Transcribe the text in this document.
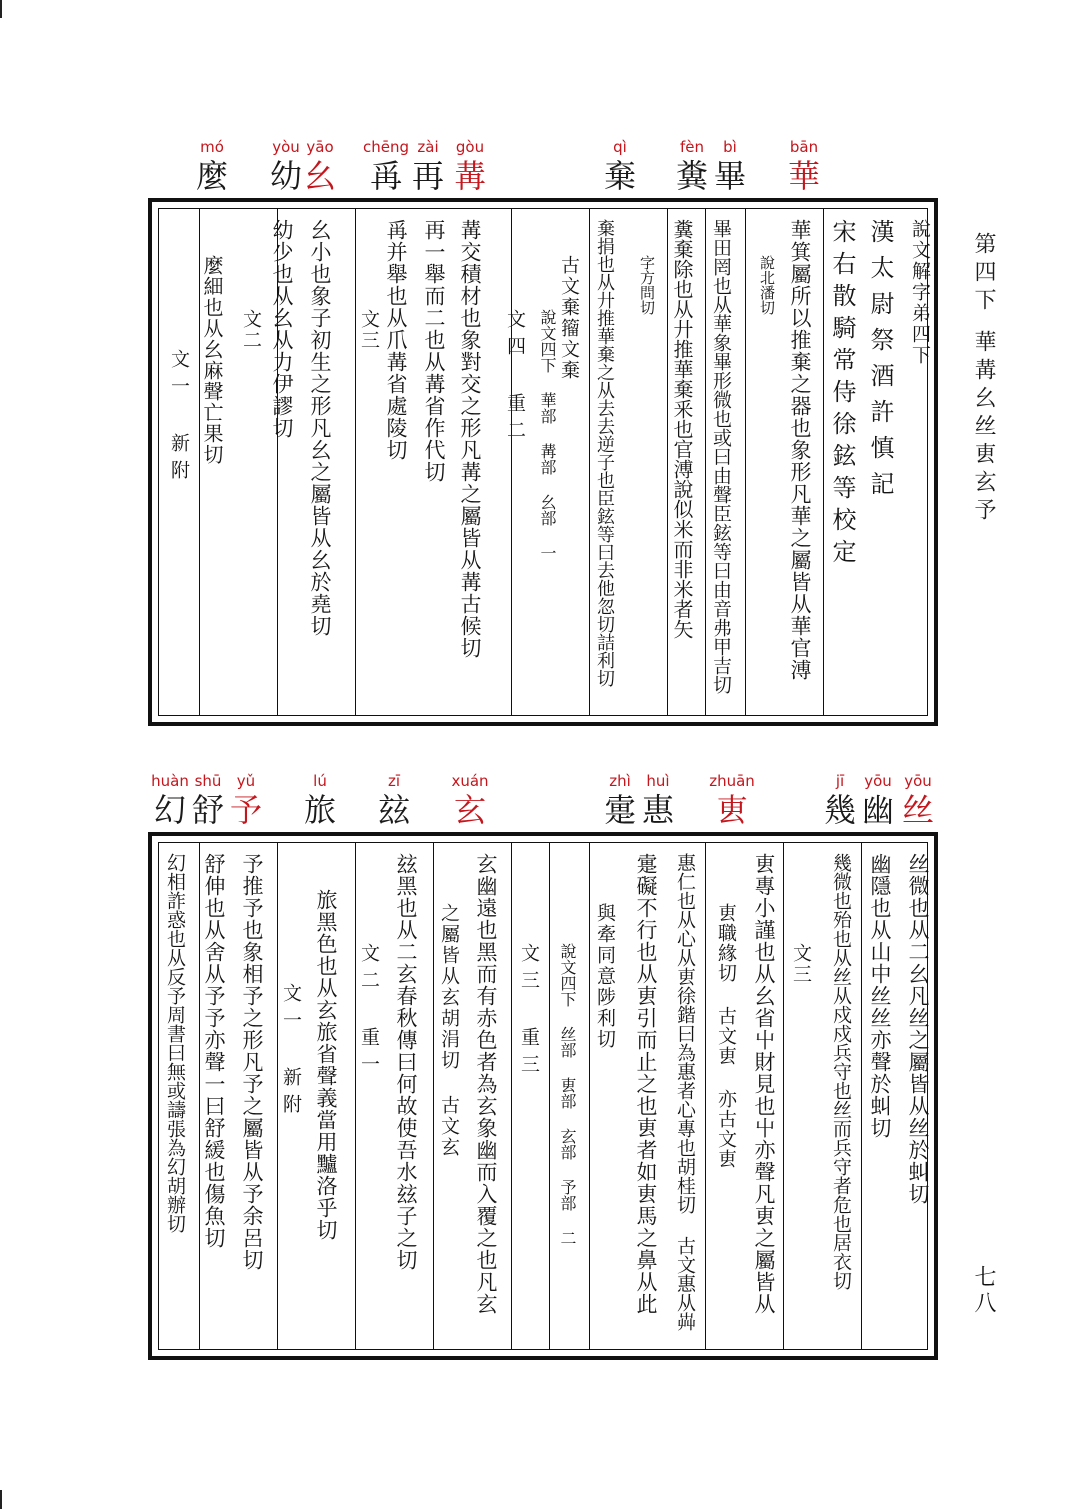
第四下
華冓幺丝叀玄予
七八
bān
華
bì
畢
fèn
糞
qì
棄
gòu
冓
zài
再
chēng
爯
yāo
幺
yòu
幼
mó
麼
說文解字弟四下
漢太尉祭酒許慎記
宋右散騎常侍徐鉉等校定
華箕屬所以推棄之器也象形凡華之屬皆从華官溥
說北潘切
畢田罔也从華象畢形微也或曰由聲臣鉉等曰由音弗甲吉切
糞棄除也从廾推華棄釆也官溥說似米而非米者矢
字方問切
棄捐也从廾推華棄之从去去逆子也臣鉉等曰去他忽切詰利切
古文棄籀文棄
說文四下 華部 冓部 幺部 一
文四 重二
冓交積材也象對交之形凡冓之屬皆从冓古候切
再一舉而二也从冓省作代切
爯并舉也从爪冓省處陵切
文三
幺小也象子初生之形凡幺之屬皆从幺於堯切
幼少也从幺从力伊謬切
文二
麼細也从幺麻聲亡果切
文一 新附
yōu
丝
yōu
幽
jī
幾
zhuān
叀
huì
惠
zhì
疐
xuán
玄
zī
玆
lú
旅
yǔ
予
shū
舒
huàn
幻
丝微也从二幺凡丝之屬皆从丝於虯切
幽隱也从山中丝丝亦聲於虯切
幾微也殆也从丝从戍戍兵守也丝而兵守者危也居衣切
文三
叀專小謹也从幺省屮財見也屮亦聲凡叀之屬皆从
叀職緣切 古文叀 亦古文叀
惠仁也从心从叀徐鍇曰為惠者心專也胡桂切 古文惠从芔
疐礙不行也从叀引而止之也叀者如叀馬之鼻从此
與牽同意陟利切
說文四下 丝部 叀部 玄部 予部 二
文三 重三
玄幽遠也黑而有赤色者為玄象幽而入覆之也凡玄
之屬皆从玄胡涓切 古文玄
玆黑也从二玄春秋傳曰何故使吾水玆子之切
文二 重一
旅黑色也从玄旅省聲義當用黸洛乎切
文一 新附
予推予也象相予之形凡予之屬皆从予余呂切
舒伸也从舍从予予亦聲一曰舒緩也傷魚切
幻相詐惑也从反予周書曰無或譸張為幻胡辦切
